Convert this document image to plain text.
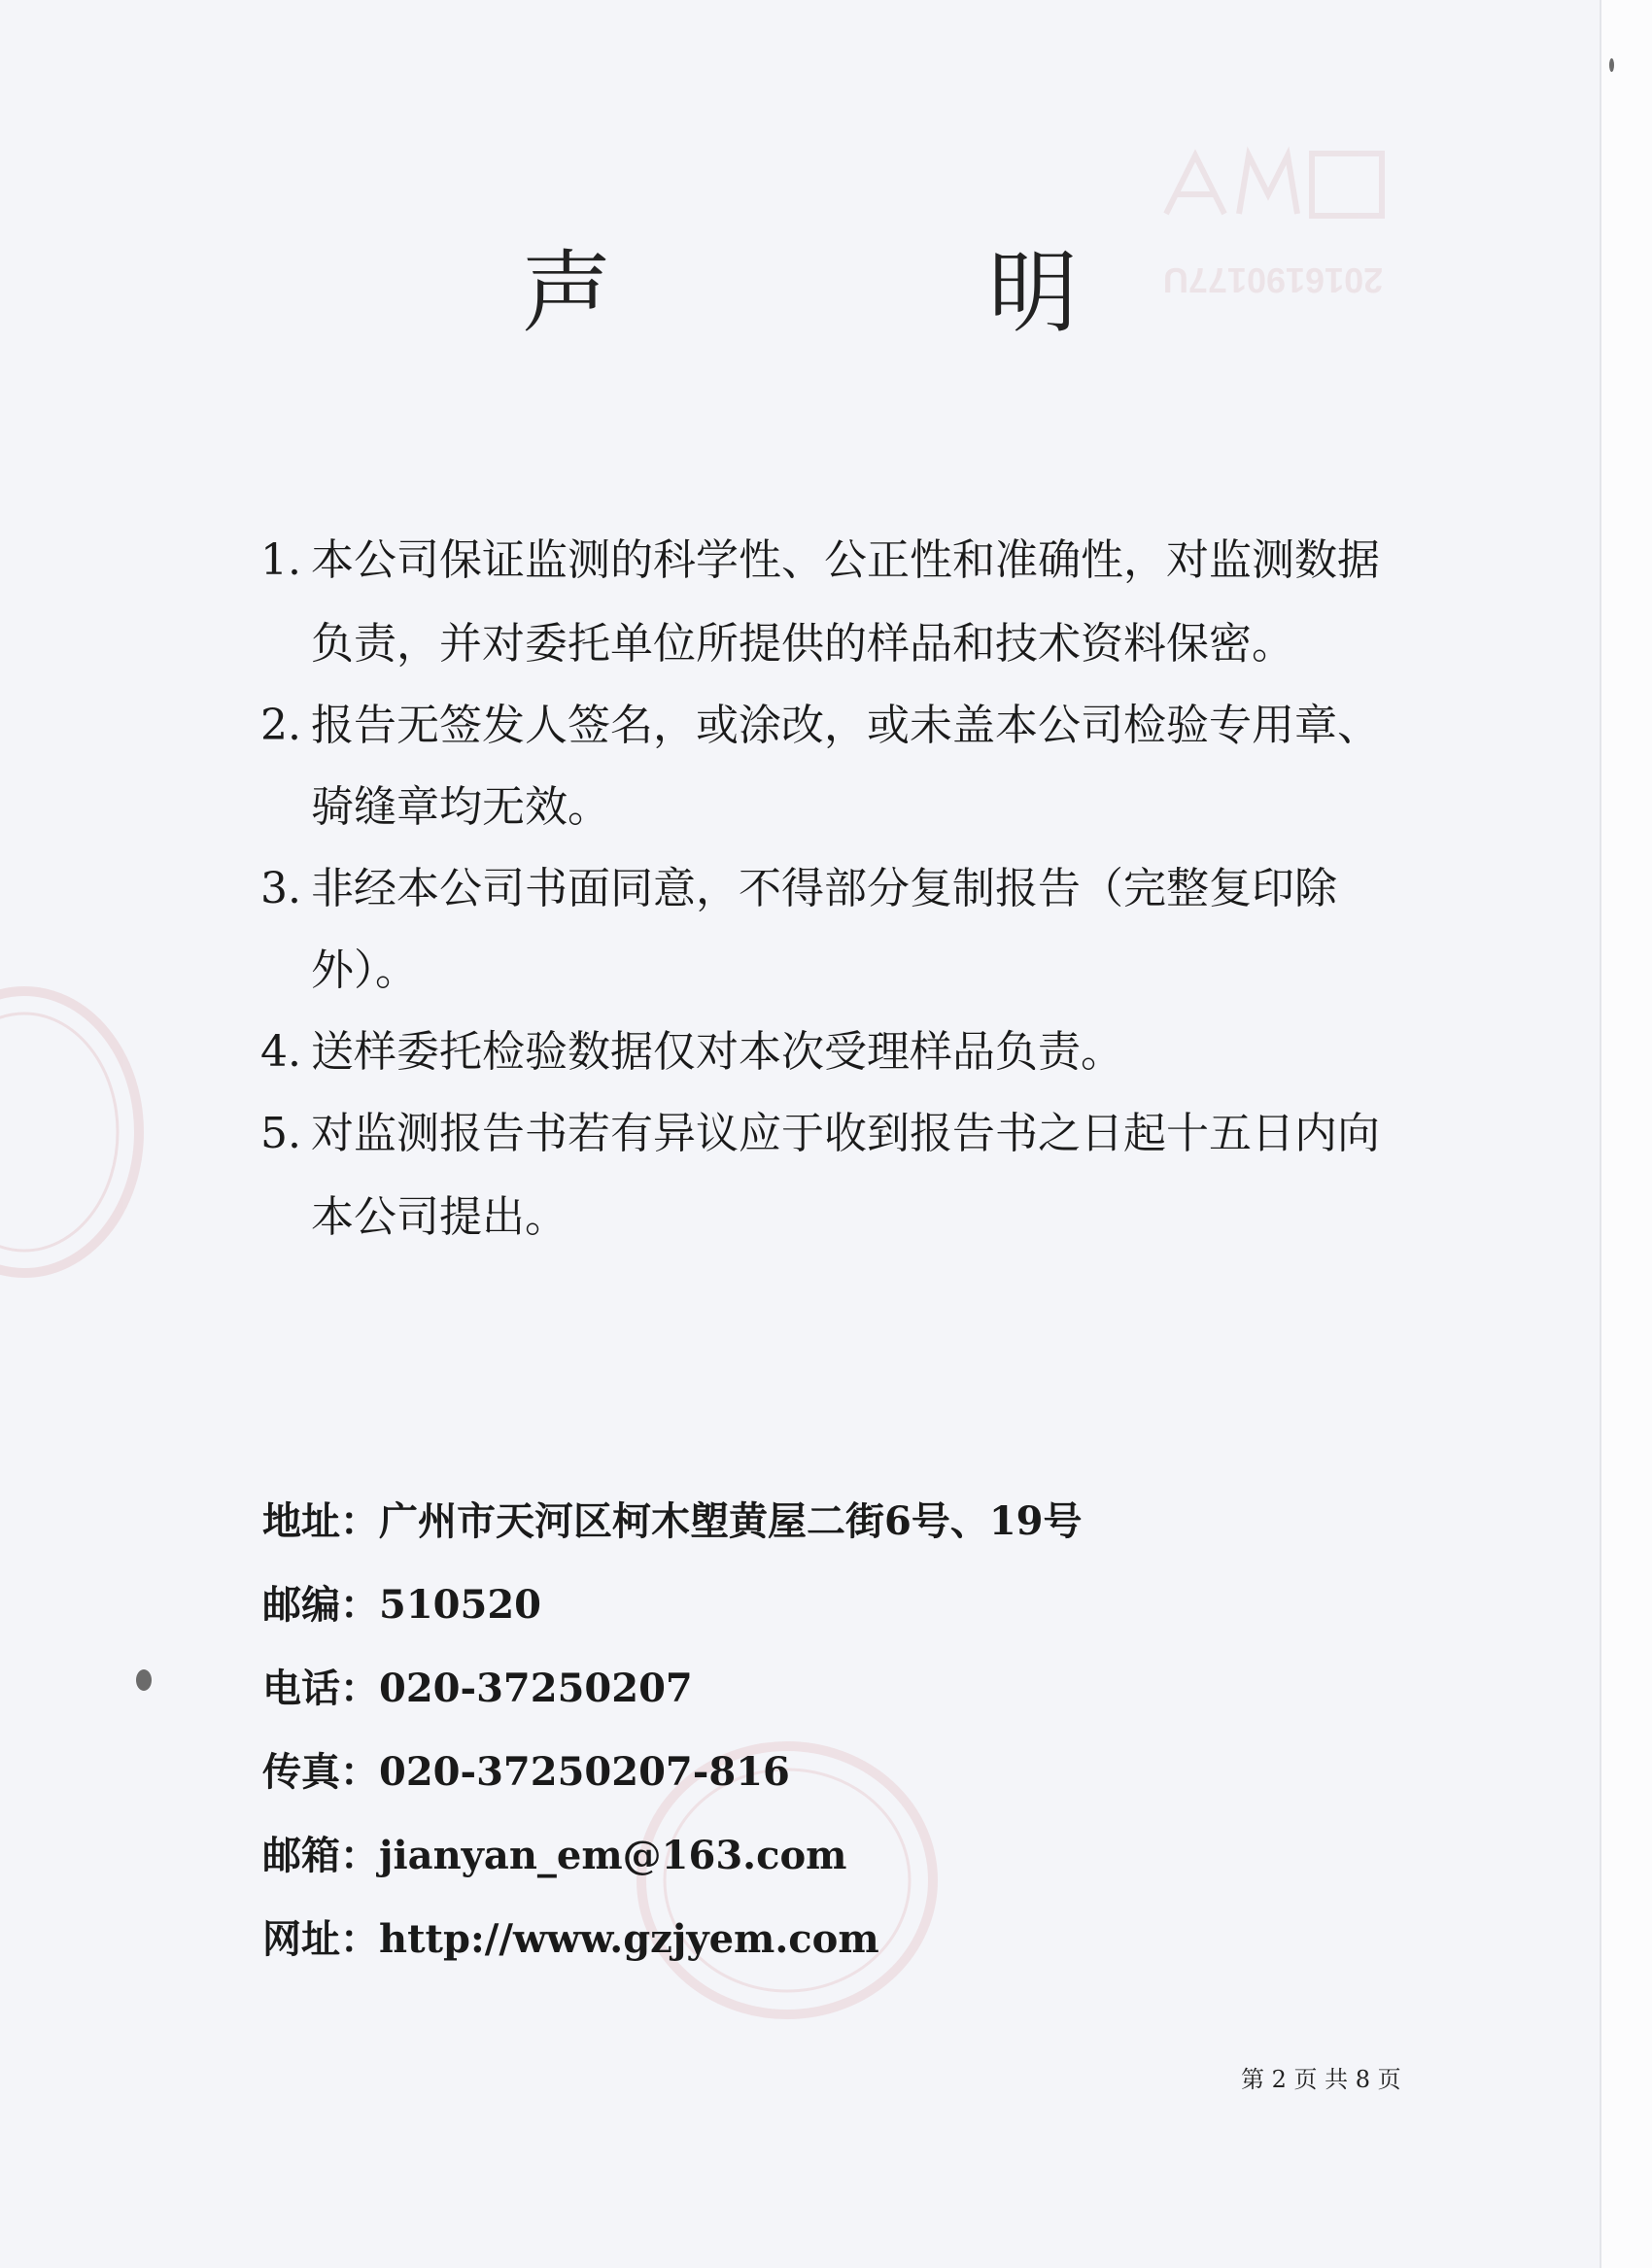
2016190177U
声　明
1. 本公司保证监测的科学性、公正性和准确性，对监测数据
负责，并对委托单位所提供的样品和技术资料保密。
2. 报告无签发人签名，或涂改，或未盖本公司检验专用章、
骑缝章均无效。
3. 非经本公司书面同意，不得部分复制报告（完整复印除
外）。
4. 送样委托检验数据仅对本次受理样品负责。
5. 对监测报告书若有异议应于收到报告书之日起十五日内向
本公司提出。
地址：广州市天河区柯木塱黄屋二街6号、19号
邮编：510520
电话：020-37250207
传真：020-37250207-816
邮箱：jianyan_em@163.com
网址：http://www.gzjyem.com
第 2 页 共 8 页
